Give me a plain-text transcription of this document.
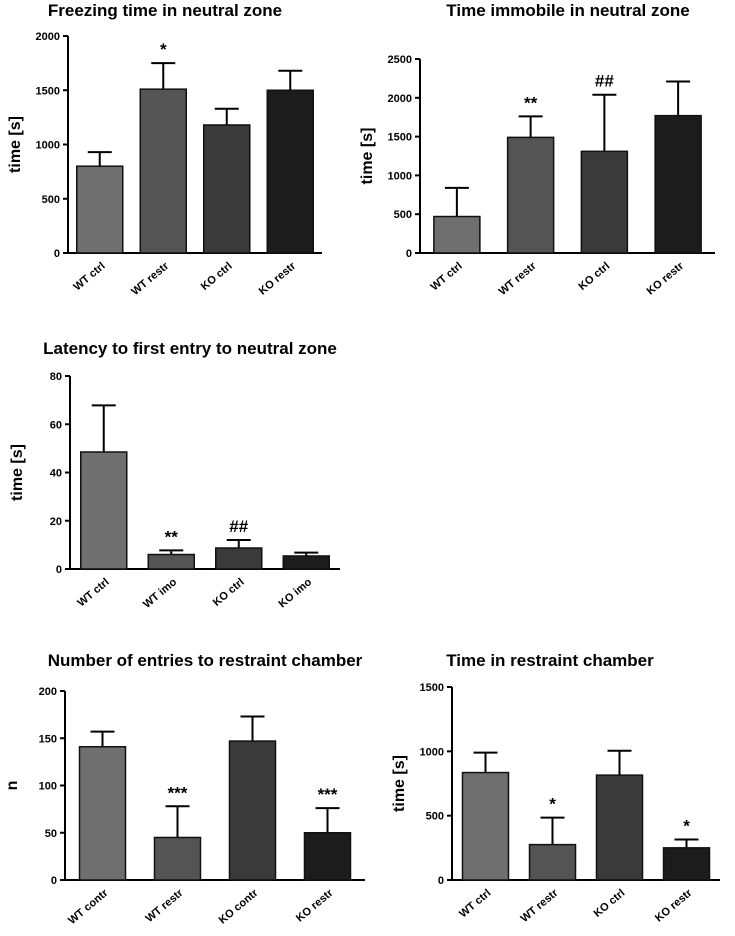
Freezing time in neutral zone
time [s]
0
500
1000
1500
2000
WT ctrl
*
WT restr	KO ctrl KO restr
Time immobile in neutral zone
time [s]
0
500
1000
1500
2000
2500
WT ctrl
**
WT restr
##
KO ctrl	KO restr
Latency to first entry to neutral zone
time [s]
0
20
40
60
80
WT ctrl
**
WT imo
##
KO ctrl	KO imo
Number of entries to restraint chamber
n
0
50
100
150
200
WT contr
***
WT restr	KO contr
***
KO restr
Time in restraint chamber
time [s]
0
500
1000
1500
WT ctrl
*
WT restr	KO ctrl
*
KO restr
